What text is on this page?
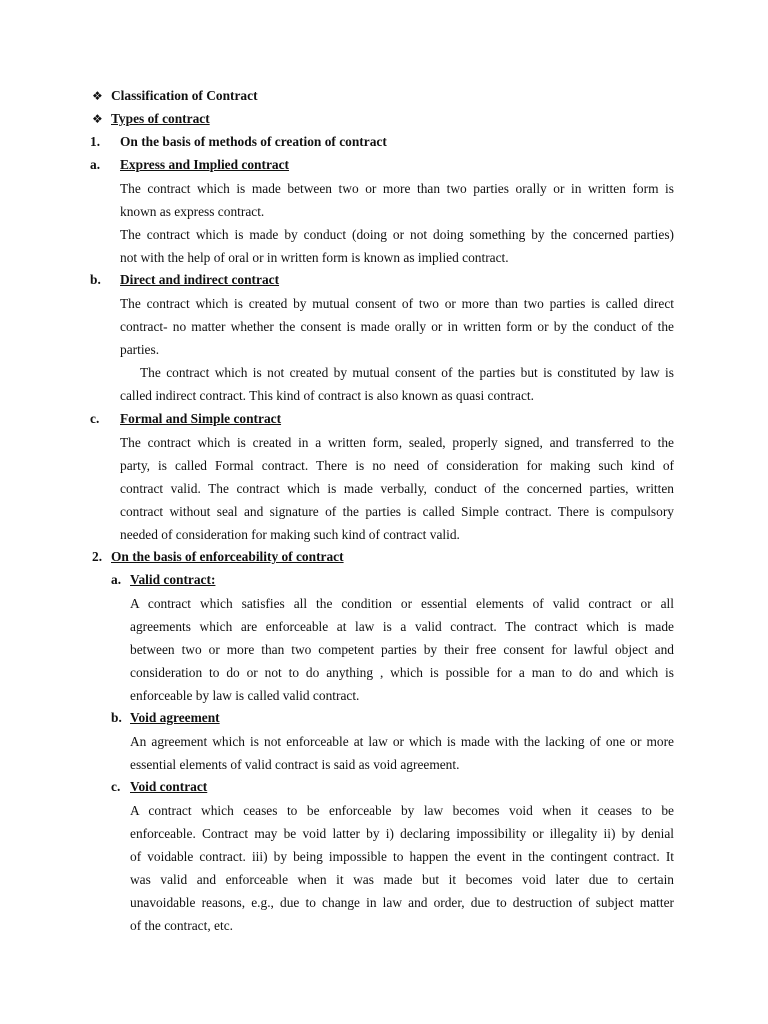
❖ Classification of Contract
❖ Types of contract
1. On the basis of methods of creation of contract
a. Express and Implied contract
The contract which is made between two or more than two parties orally or in written form is
known as express contract.
The contract which is made by conduct (doing or not doing something by the concerned parties)
not with the help of oral or in written form is known as implied contract.
b. Direct and indirect contract
The contract which is created by mutual consent of two or more than two parties is called direct
contract- no matter whether the consent is made orally or in written form or by the conduct of the
parties.
The contract which is not created by mutual consent of the parties but is constituted by law is
called indirect contract. This kind of contract is also known as quasi contract.
c. Formal and Simple contract
The contract which is created in a written form, sealed, properly signed, and transferred to the
party, is called Formal contract. There is no need of consideration for making such kind of
contract valid. The contract which is made verbally, conduct of the concerned parties, written
contract without seal and signature of the parties is called Simple contract. There is compulsory
needed of consideration for making such kind of contract valid.
2. On the basis of enforceability of contract
a. Valid contract:
A contract which satisfies all the condition or essential elements of valid contract or all
agreements which are enforceable at law is a valid contract. The contract which is made
between two or more than two competent parties by their free consent for lawful object and
consideration to do or not to do anything , which is possible for a man to do and which is
enforceable by law is called valid contract.
b. Void agreement
An agreement which is not enforceable at law or which is made with the lacking of one or more
essential elements of valid contract is said as void agreement.
c. Void contract
A contract which ceases to be enforceable by law becomes void when it ceases to be
enforceable. Contract may be void latter by i) declaring impossibility or illegality ii) by denial
of voidable contract. iii) by being impossible to happen the event in the contingent contract. It
was valid and enforceable when it was made but it becomes void later due to certain
unavoidable reasons, e.g., due to change in law and order, due to destruction of subject matter
of the contract, etc.
